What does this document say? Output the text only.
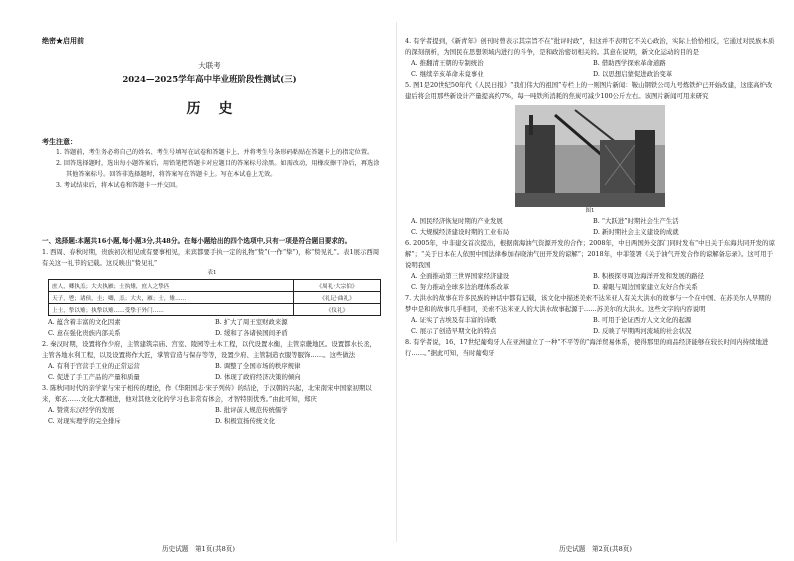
绝密★启用前
大联考
2024—2025学年高中毕业班阶段性测试(三)
历史
考生注意：
1. 答题前，考生务必将自己的姓名、考生号填写在试卷和答题卡上，并将考生号条形码粘贴在答题卡上的指定位置。
2. 回答选择题时，选出每小题答案后，用铅笔把答题卡对应题目的答案标号涂黑。如需改动，用橡皮擦干净后，再选涂其他答案标号。回答非选择题时，将答案写在答题卡上。写在本试卷上无效。
3. 考试结束后，将本试卷和答题卡一并交回。
一、选择题:本题共16小题,每小题3分,共48分。在每小题给出的四个选项中,只有一项是符合题目要求的。
1. 西周、春秋时期，贵族初次相见或有要事相见，来宾都要手执一定的礼物“贽”(一作“挚”)，称“贽见礼”。表1展示西周有关这一礼节的记载。这反映出“贽见礼”
表1
庶人，卿执羔；大夫执雁；士执雉，庶人之挚匹	《周礼·大宗伯》
天子，鬯；诸侯，圭；卿，羔；大夫，雁；士，雉……	《礼记·曲礼》
上士，挚以雉；执挚以雉……受挚于外门……	《仪礼》
A. 蕴含着丰富的文化因素	B. 扩大了周王室财政来源
C. 意在强化贵族内部关系	D. 缓和了各诸侯国间矛盾
2. 秦汉时期，设置将作少府，主管建筑宗庙、宫室、陵园等土木工程，以代设置水衡，主管京畿地区。设置都水长丞，主管各地水利工程，以及设置将作大匠，掌管营造与保存等等，设置少府、主管制造衣服等服饰……。这些做法
A. 有利于官营手工业的正常运营	B. 调整了全国市场的秩序规律
C. 促进了手工产品的产量和质量	D. 体现了政府经济决策的倾向
3. 陈秋同时代的亲学家与宋子相传的理论，作《华阳国志·宋子列传》的结论，于汉朝的兴起，北宋南宋中国家初期以来，郑玄……文化大都精进，他对其他文化的学习也非常有体会，才智特別优秀。”由此可知，郑庆
A. 赞赏东汉经学的发展	B. 批评前人规范传统儒学
C. 对现实理学的完全排斥	D. 积极宣扬传统文化
历史试题　第1页(共8页)
4. 有学者提到，《新青年》创刊时曾表示其宗旨不在“批评时政”，但这并不表明它不关心政治，实际上恰恰相反，它通过对民族本质的深刻剖析，为国民在思想领域内进行的斗争，是和政治密切相关的。其意在说明，新文化运动的目的是
A. 推翻清王朝的专制统治	B. 借助西学探索革命道路
C. 继续辛亥革命未竟事业	D. 以思想启蒙促进政治变革
5. 图1是20世纪50年代《人民日报》“我们伟大的祖国”专栏上的一则图片新闻：鞍山钢铁公司九号炼铁炉已开始改建，这座高炉改建后将会用那些新设计产量提高约7%，每一吨铁所消耗的焦炭可减少100公斤左右。该图片新闻可用来研究
图1
A. 国民经济恢复时期的产业发展	B. “大跃进”时期社会生产生活
C. 大规模经济建设时期的工业布局	D. 新时期社会主义建设的成就
6. 2005年，中非建交首次提出，根据南海油气资源开发的合作；2008年，中日两国外交部门同时发布“中日关于东海共同开发的谅解”；“关于日本在人依照中国法律参加春晓油气田开发的谅解”；2018年，中菲签署《关于油气开发合作的谅解备忘录》。这可用于说明我国
A. 全面推动第三世界国家经济建设	B. 积极探寻周边海洋开发和发展的路径
C. 努力推动全球多边治理体系改革	D. 着眼与周边国家建立友好合作关系
7. 大洪水的故事在许多民族的神话中都有记载，该文化中描述美索不达米亚人有关大洪水的故事与一个在中国、在苏美尔人早期的梦中是和的故事几乎相同，美索不达米亚人的大洪水故事起源于……苏美尔的大洪水。这些文字的内容说明
A. 证实了古埃及有丰富的诗歌	B. 可用于论证西方人文文化的起源
C. 展示了创造早期文化的特点	D. 反映了早期两河流域的社会状况
8. 有学者说，16、17世纪葡萄牙人在亚洲建立了一种“不平等的”海洋贸易体系，使得那里的商品经济能够在较长时间内持续地进行……。”据此可知，当时葡萄牙
历史试题　第2页(共8页)
